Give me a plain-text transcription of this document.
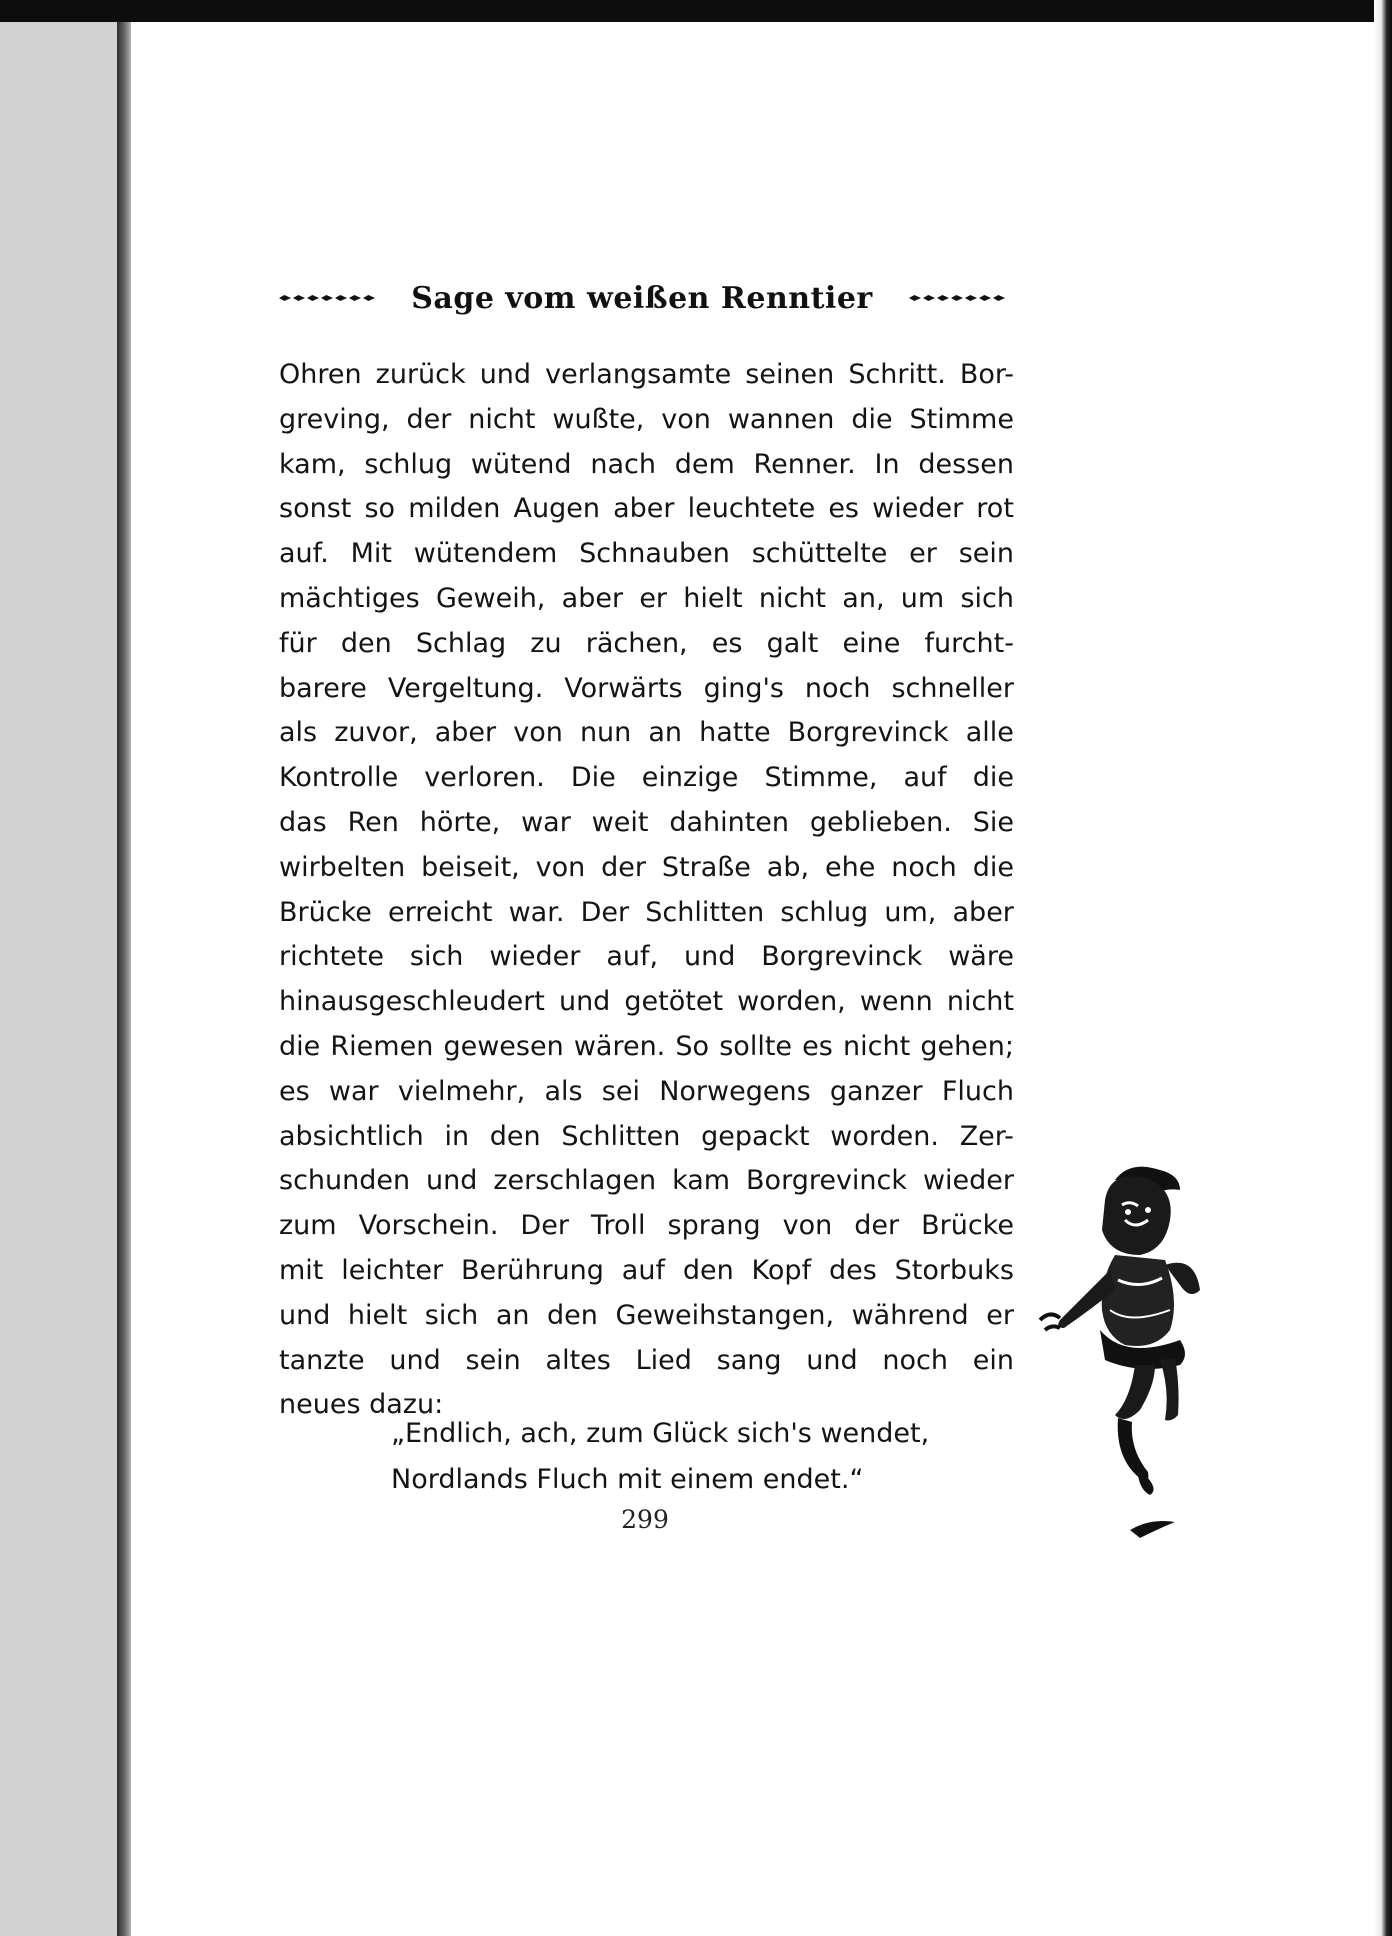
Sage vom weißen Renntier
Ohren zurück und verlangsamte seinen Schritt. Bor-
greving, der nicht wußte, von wannen die Stimme
kam, schlug wütend nach dem Renner. In dessen
sonst so milden Augen aber leuchtete es wieder rot
auf. Mit wütendem Schnauben schüttelte er sein
mächtiges Geweih, aber er hielt nicht an, um sich
für den Schlag zu rächen, es galt eine furcht-
barere Vergeltung. Vorwärts ging's noch schneller
als zuvor, aber von nun an hatte Borgrevinck alle
Kontrolle verloren. Die einzige Stimme, auf die
das Ren hörte, war weit dahinten geblieben. Sie
wirbelten beiseit, von der Straße ab, ehe noch die
Brücke erreicht war. Der Schlitten schlug um, aber
richtete sich wieder auf, und Borgrevinck wäre
hinausgeschleudert und getötet worden, wenn nicht
die Riemen gewesen wären. So sollte es nicht gehen;
es war vielmehr, als sei Norwegens ganzer Fluch
absichtlich in den Schlitten gepackt worden. Zer-
schunden und zerschlagen kam Borgrevinck wieder
zum Vorschein. Der Troll sprang von der Brücke
mit leichter Berührung auf den Kopf des Storbuks
und hielt sich an den Geweihstangen, während er
tanzte und sein altes Lied sang und noch ein
neues dazu:
„Endlich, ach, zum Glück sich's wendet,
Nordlands Fluch mit einem endet.“
299
